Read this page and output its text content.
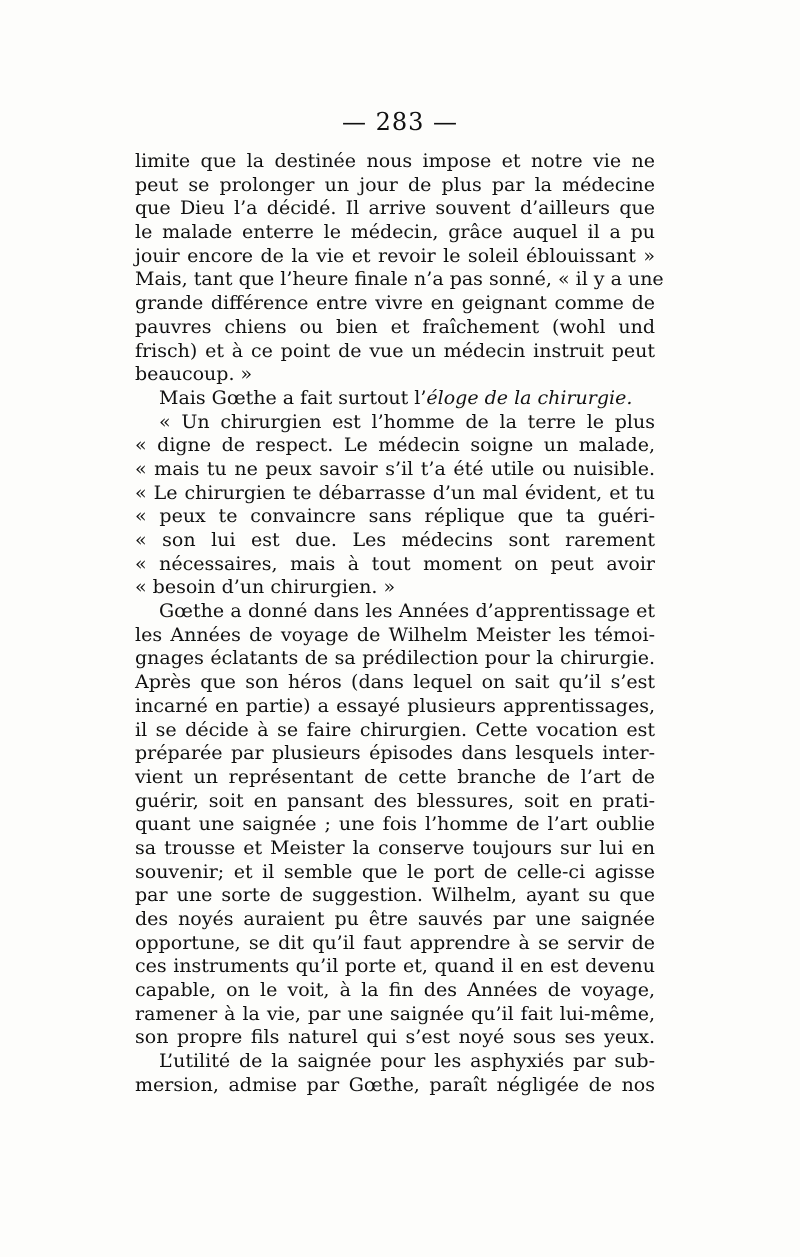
— 283 —
limite que la destinée nous impose et notre vie ne
peut se prolonger un jour de plus par la médecine
que Dieu l’a décidé. Il arrive souvent d’ailleurs que
le malade enterre le médecin, grâce auquel il a pu
jouir encore de la vie et revoir le soleil éblouissant »
Mais, tant que l’heure finale n’a pas sonné, « il y a une
grande différence entre vivre en geignant comme de
pauvres chiens ou bien et fraîchement (wohl und
frisch) et à ce point de vue un médecin instruit peut
beaucoup. »
Mais Gœthe a fait surtout l’éloge de la chirurgie.
« Un chirurgien est l’homme de la terre le plus
« digne de respect. Le médecin soigne un malade,
« mais tu ne peux savoir s’il t’a été utile ou nuisible.
« Le chirurgien te débarrasse d’un mal évident, et tu
« peux te convaincre sans réplique que ta guéri-
« son lui est due. Les médecins sont rarement
« nécessaires, mais à tout moment on peut avoir
« besoin d’un chirurgien. »
Gœthe a donné dans les Années d’apprentissage et
les Années de voyage de Wilhelm Meister les témoi-
gnages éclatants de sa prédilection pour la chirurgie.
Après que son héros (dans lequel on sait qu’il s’est
incarné en partie) a essayé plusieurs apprentissages,
il se décide à se faire chirurgien. Cette vocation est
préparée par plusieurs épisodes dans lesquels inter-
vient un représentant de cette branche de l’art de
guérir, soit en pansant des blessures, soit en prati-
quant une saignée ; une fois l’homme de l’art oublie
sa trousse et Meister la conserve toujours sur lui en
souvenir; et il semble que le port de celle-ci agisse
par une sorte de suggestion. Wilhelm, ayant su que
des noyés auraient pu être sauvés par une saignée
opportune, se dit qu’il faut apprendre à se servir de
ces instruments qu’il porte et, quand il en est devenu
capable, on le voit, à la fin des Années de voyage,
ramener à la vie, par une saignée qu’il fait lui-même,
son propre fils naturel qui s’est noyé sous ses yeux.
L’utilité de la saignée pour les asphyxiés par sub-
mersion, admise par Gœthe, paraît négligée de nos
